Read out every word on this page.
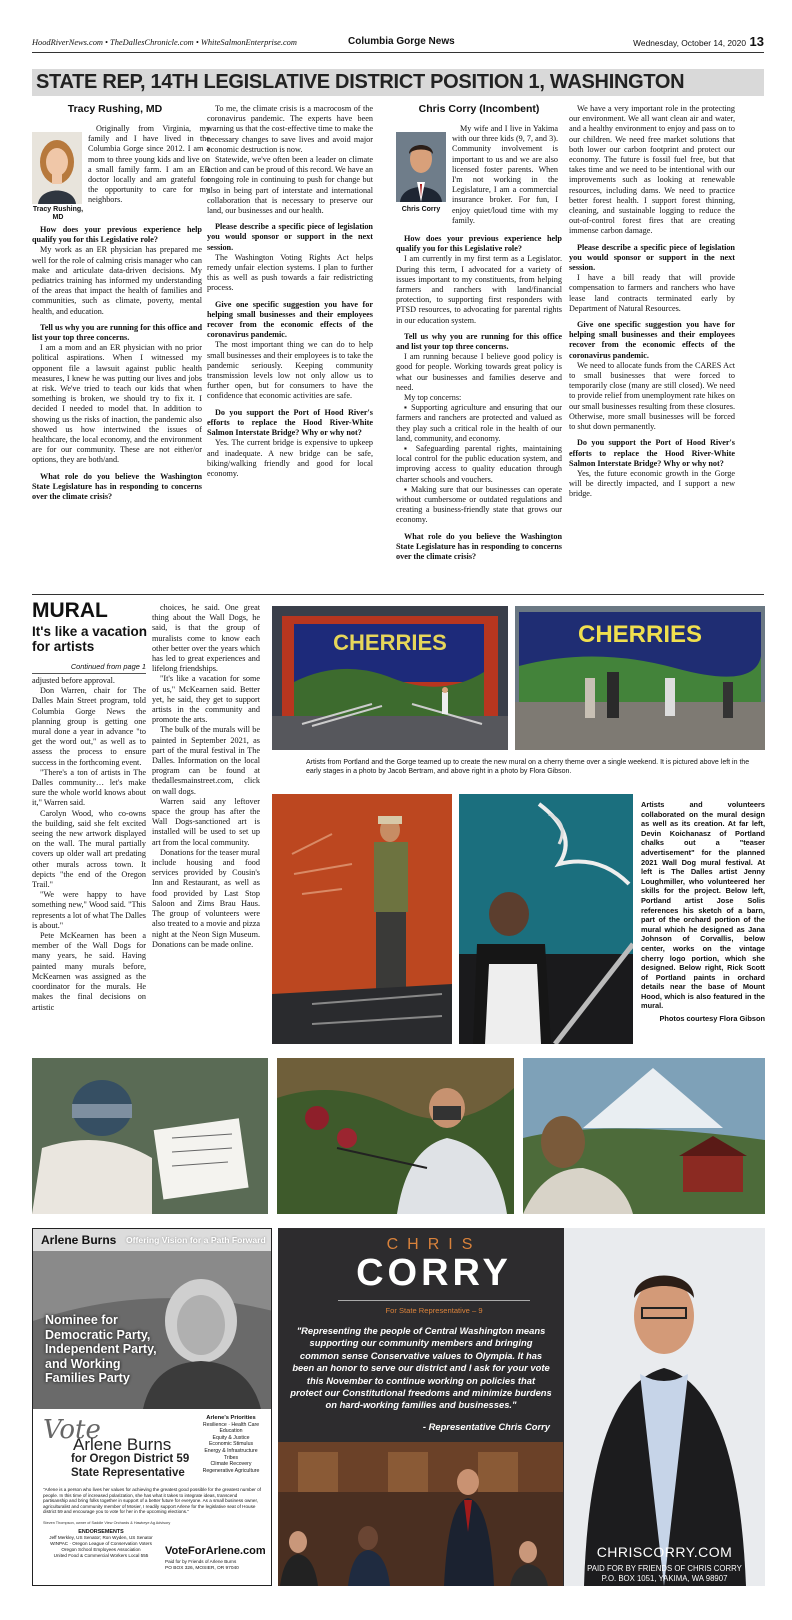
HoodRiverNews.com • TheDallesChronicle.com • WhiteSalmonEnterprise.com	Columbia Gorge News	Wednesday, October 14, 2020 13
STATE REP, 14TH LEGISLATIVE DISTRICT POSITION 1, WASHINGTON
Tracy Rushing, MD
Tracy Rushing,
MD

Originally from Virginia, my family and I have lived in the Columbia Gorge since 2012. I am a mom to three young kids and live on a small family farm. I am an ER doctor locally and am grateful for the opportunity to care for my neighbors.

How does your previous experience help qualify you for this Legislative role?

My work as an ER physician has prepared me well for the role of calming crisis manager who can make and articulate data-driven decisions. My pediatrics training has informed my understanding of the areas that impact the health of families and communities, such as climate, poverty, mental health, and education.

Tell us why you are running for this office and list your top three concerns.

I am a mom and an ER physician with no prior political aspirations. When I witnessed my opponent file a lawsuit against public health measures, I knew he was putting our lives and jobs at risk. We've tried to teach our kids that when something is broken, we should try to fix it. I decided I needed to model that. In addition to showing us the risks of inaction, the pandemic also showed us how intertwined the issues of healthcare, the local economy, and the environment are for our community. These are not either/or options, they are both/and.

What role do you believe the Washington State Legislature has in responding to concerns over the climate crisis?

To me, the climate crisis is a macrocosm of the coronavirus pandemic. The experts have been warning us that the cost-effective time to make the necessary changes to save lives and avoid major economic destruction is now.

Statewide, we've often been a leader on climate action and can be proud of this record. We have an ongoing role in continuing to push for change but also in being part of interstate and international collaboration that is necessary to preserve our land, our businesses and our health.

Please describe a specific piece of legislation you would sponsor or support in the next session.

The Washington Voting Rights Act helps remedy unfair election systems. I plan to further this as well as push towards a fair redistricting process.

Give one specific suggestion you have for helping small businesses and their employees recover from the economic effects of the coronavirus pandemic.

The most important thing we can do to help small businesses and their employees is to take the pandemic seriously. Keeping community transmission levels low not only allow us to further open, but for consumers to have the confidence that economic activities are safe.

Do you support the Port of Hood River's efforts to replace the Hood River-White Salmon Interstate Bridge? Why or why not?

Yes. The current bridge is expensive to upkeep and inadequate. A new bridge can be safe, biking/walking friendly and good for local economy.

Chris Corry (Incombent)
Chris Corry

My wife and I live in Yakima with our three kids (9, 7, and 3). Community involvement is important to us and we are also licensed foster parents. When I'm not working in the Legislature, I am a commercial insurance broker. For fun, I enjoy quiet/loud time with my family.

How does your previous experience help qualify you for this Legislative role?

I am currently in my first term as a Legislator. During this term, I advocated for a variety of issues important to my constituents, from helping farmers and ranchers with land/financial protection, to supporting first responders with PTSD resources, to advocating for parental rights in our education system.

Tell us why you are running for this office and list your top three concerns.

I am running because I believe good policy is good for people. Working towards great policy is what our businesses and families deserve and need.

My top concerns:

▪ Supporting agriculture and ensuring that our farmers and ranchers are protected and valued as they play such a critical role in the health of our land, community, and economy.

▪ Safeguarding parental rights, maintaining local control for the public education system, and improving access to quality education through charter schools and vouchers.

▪ Making sure that our businesses can operate without cumbersome or outdated regulations and creating a business-friendly state that grows our economy.

What role do you believe the Washington State Legislature has in responding to concerns over the climate crisis?

We have a very important role in the protecting our environment. We all want clean air and water, and a healthy environment to enjoy and pass on to our children. We need free market solutions that both lower our carbon footprint and protect our economy. The future is fossil fuel free, but that takes time and we need to be intentional with our improvements such as looking at renewable resources, including dams. We need to practice better forest health. I support forest thinning, cleaning, and sustainable logging to reduce the out-of-control forest fires that are creating immense carbon damage.

Please describe a specific piece of legislation you would sponsor or support in the next session.

I have a bill ready that will provide compensation to farmers and ranchers who have lease land contracts terminated early by Department of Natural Resources.

Give one specific suggestion you have for helping small businesses and their employees recover from the economic effects of the coronavirus pandemic.

We need to allocate funds from the CARES Act to small businesses that were forced to temporarily close (many are still closed). We need to provide relief from unemployment rate hikes on our small businesses resulting from these closures. Otherwise, more small businesses will be forced to shut down permanently.

Do you support the Port of Hood River's efforts to replace the Hood River-White Salmon Interstate Bridge? Why or why not?

Yes, the future economic growth in the Gorge will be directly impacted, and I support a new bridge.

MURAL
It's like a vacation
for artists
Continued from page 1

adjusted before approval.

Don Warren, chair for The Dalles Main Street program, told Columbia Gorge News the planning group is getting one mural done a year in advance "to get the word out," as well as to assess the process to ensure success in the forthcoming event.

"There's a ton of artists in The Dalles community… let's make sure the whole world knows about it," Warren said.

Carolyn Wood, who co-owns the building, said she felt excited seeing the new artwork displayed on the wall. The mural partially covers up older wall art predating other murals across town. It depicts "the end of the Oregon Trail."

"We were happy to have something new," Wood said. "This represents a lot of what The Dalles is about."

Pete McKearnen has been a member of the Wall Dogs for many years, he said. Having painted many murals before, McKearnen was assigned as the coordinator for the murals. He makes the final decisions on artistic

choices, he said. One great thing about the Wall Dogs, he said, is that the group of muralists come to know each other better over the years which has led to great experiences and lifelong friendships.

"It's like a vacation for some of us," McKearnen said. Better yet, he said, they get to support artists in the community and promote the arts.

The bulk of the murals will be painted in September 2021, as part of the mural festival in The Dalles. Information on the local program can be found at thedallesmainstreet.com, click on wall dogs.

Warren said any leftover space the group has after the Wall Dogs-sanctioned art is installed will be used to set up art from the local community.

Donations for the teaser mural include housing and food services provided by Cousin's Inn and Restaurant, as well as food provided by Last Stop Saloon and Zims Brau Haus. The group of volunteers were also treated to a movie and pizza night at the Neon Sign Museum. Donations can be made online.

CHERRIES	CHERRIES
Artists from Portland and the Gorge teamed up to create the new mural on a cherry theme over a single weekend. It is pictured above left in the early stages in a photo by Jacob Bertram, and above right in a photo by Flora Gibson.
Artists and volunteers collaborated on the mural design as well as its creation. At far left, Devin Koichanasz of Portland chalks out a "teaser advertisement" for the planned 2021 Wall Dog mural festival. At left is The Dalles artist Jenny Loughmiller, who volunteered her skills for the project. Below left, Portland artist Jose Solis references his sketch of a barn, part of the orchard portion of the mural which he designed as Jana Johnson of Corvallis, below center, works on the vintage cherry logo portion, which she designed. Below right, Rick Scott of Portland paints in orchard details near the base of Mount Hood, which is also featured in the mural.
Photos courtesy Flora Gibson
Arlene Burns Offering Vision for a Path Forward
Nominee for
Democratic Party,
Independent Party,
and Working
Families Party
Vote
Arlene Burns
for Oregon District 59
State Representative
Arlene's Priorities
Resilience · Health Care
Education
Equity & Justice
Economic Stimulus
Energy & Infrastructure
Tribes
Climate Recovery
Regenerative Agriculture
"Arlene is a person who lives her values for achieving the greatest good possible for the greatest number of people. In this time of increased polarization, she has what it takes to integrate ideas, transcend partisanship and bring folks together in support of a better future for everyone. As a small business owner, agriculturalist and community member of Mosier, I readily support Arlene for the legislative seat of House district 59 and encourage you to vote for her in the upcoming elections."
Steven Thompson, owner of Saddle View Orchards & Hawkeye Ag Advisory
ENDORSEMENTS
Jeff Merkley, US Senator; Ron Wyden, US Senator
WINPAC · Oregon League of Conservation Voters
Oregon School Employees Association
United Food & Commercial Workers Local 555	VoteForArlene.com
Paid for by Friends of Arlene Burns
PO BOX 326, MOSIER, OR 97040
CHRIS
CORRY
For State Representative – 9
"Representing the people of Central Washington means supporting our community members and bringing common sense Conservative values to Olympia. It has been an honor to serve our district and I ask for your vote this November to continue working on policies that protect our Constitutional freedoms and minimize burdens on hard-working families and businesses."
- Representative Chris Corry
CHRISCORRY.COM
PAID FOR BY FRIENDS OF CHRIS CORRY
P.O. BOX 1051, YAKIMA, WA 98907
